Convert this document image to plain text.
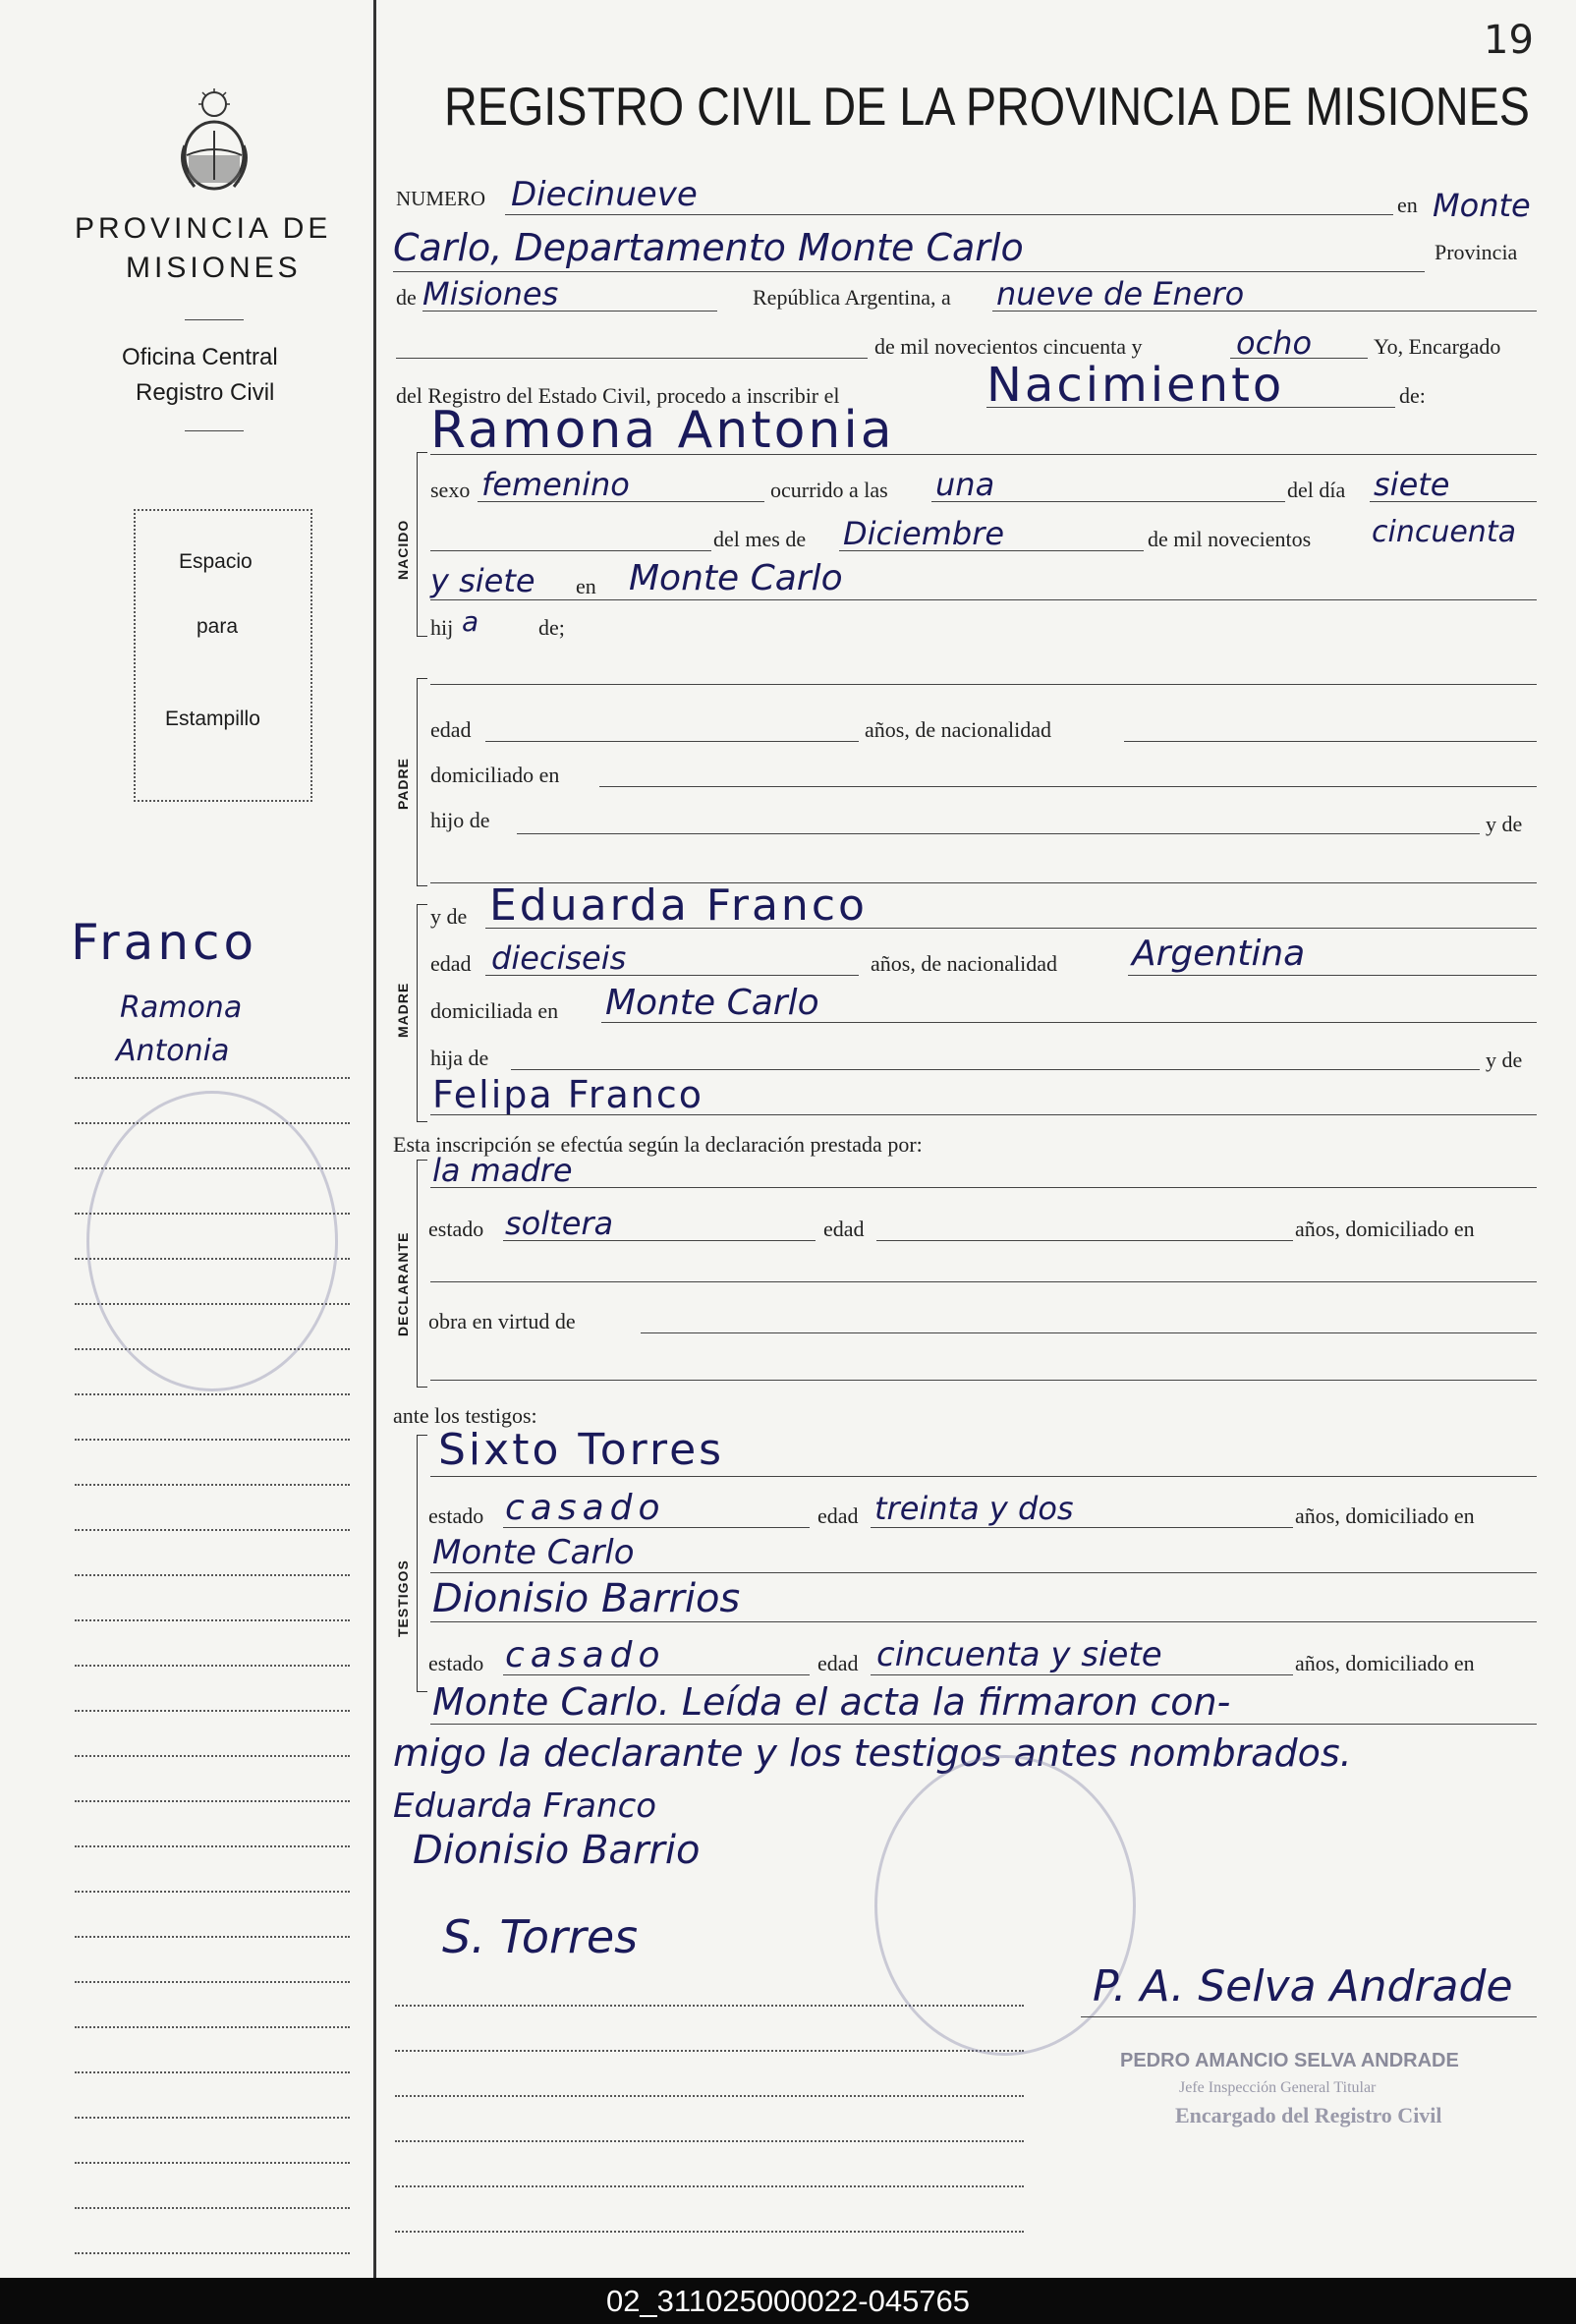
19
PROVINCIA DE
MISIONES
Oficina Central
Registro Civil
Espacio
para
Estampillo
Franco
Ramona
Antonia
REGISTRO CIVIL DE LA PROVINCIA DE MISIONES
NUMERO Diecinueve	en Monte
Carlo, Departamento Monte Carlo	Provincia
de Misiones	República Argentina, a nueve de Enero
de mil novecientos cincuenta y	ocho	Yo, Encargado
del Registro del Estado Civil, procedo a inscribir el	Nacimiento	de:
NACIDO
Ramona Antonia
sexo femenino	ocurrido a las una	del día siete
del mes de Diciembre	de mil novecientos cincuenta
y siete en Monte Carlo
hij a	de;
PADRE
edad	años, de nacionalidad
domiciliado en
hijo de	y de
MADRE
y de Eduarda Franco
edad dieciseis	años, de nacionalidad Argentina
domiciliada en Monte Carlo
hija de	y de
Felipa Franco
Esta inscripción se efectúa según la declaración prestada por:
DECLARANTE
la madre
estado soltera	edad	años, domiciliado en
obra en virtud de
ante los testigos:
TESTIGOS
Sixto Torres
estado casado	edad treinta y dos	años, domiciliado en
Monte Carlo
Dionisio Barrios
estado casado	edad cincuenta y siete	años, domiciliado en
Monte Carlo. Leída el acta la firmaron con-
migo la declarante y los testigos antes nombrados.
Eduarda Franco
Dionisio Barrio
S. Torres
P. A. Selva Andrade
PEDRO AMANCIO SELVA ANDRADE
Jefe Inspección General Titular
Encargado del Registro Civil
02_311025000022-045765
